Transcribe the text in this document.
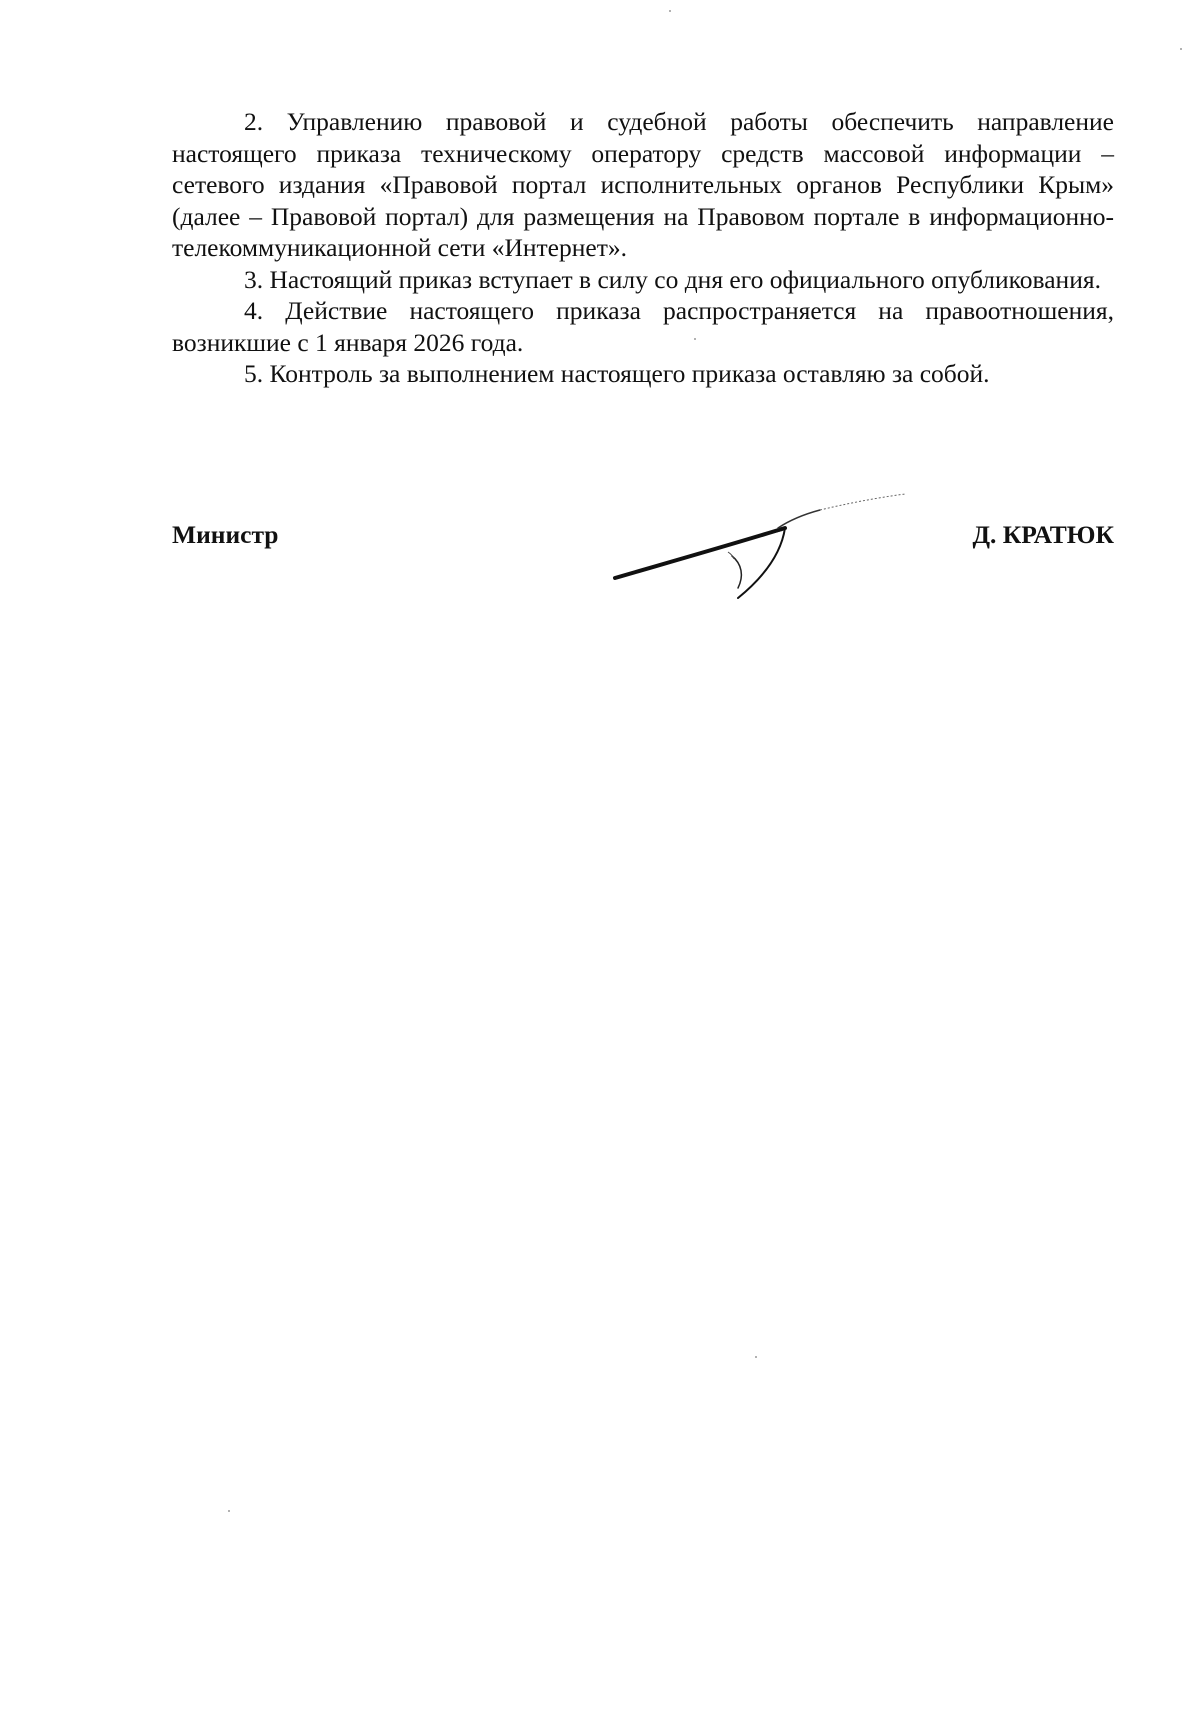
2. Управлению правовой и судебной работы обеспечить направление настоящего приказа техническому оператору средств массовой информации – сетевого издания «Правовой портал исполнительных органов Республики Крым» (далее – Правовой портал) для размещения на Правовом портале в информационно-телекоммуникационной сети «Интернет».

3. Настоящий приказ вступает в силу со дня его официального опубликования.

4. Действие настоящего приказа распространяется на правоотношения, возникшие с 1 января 2026 года.

5. Контроль за выполнением настоящего приказа оставляю за собой.

Министр	Д. КРАТЮК
